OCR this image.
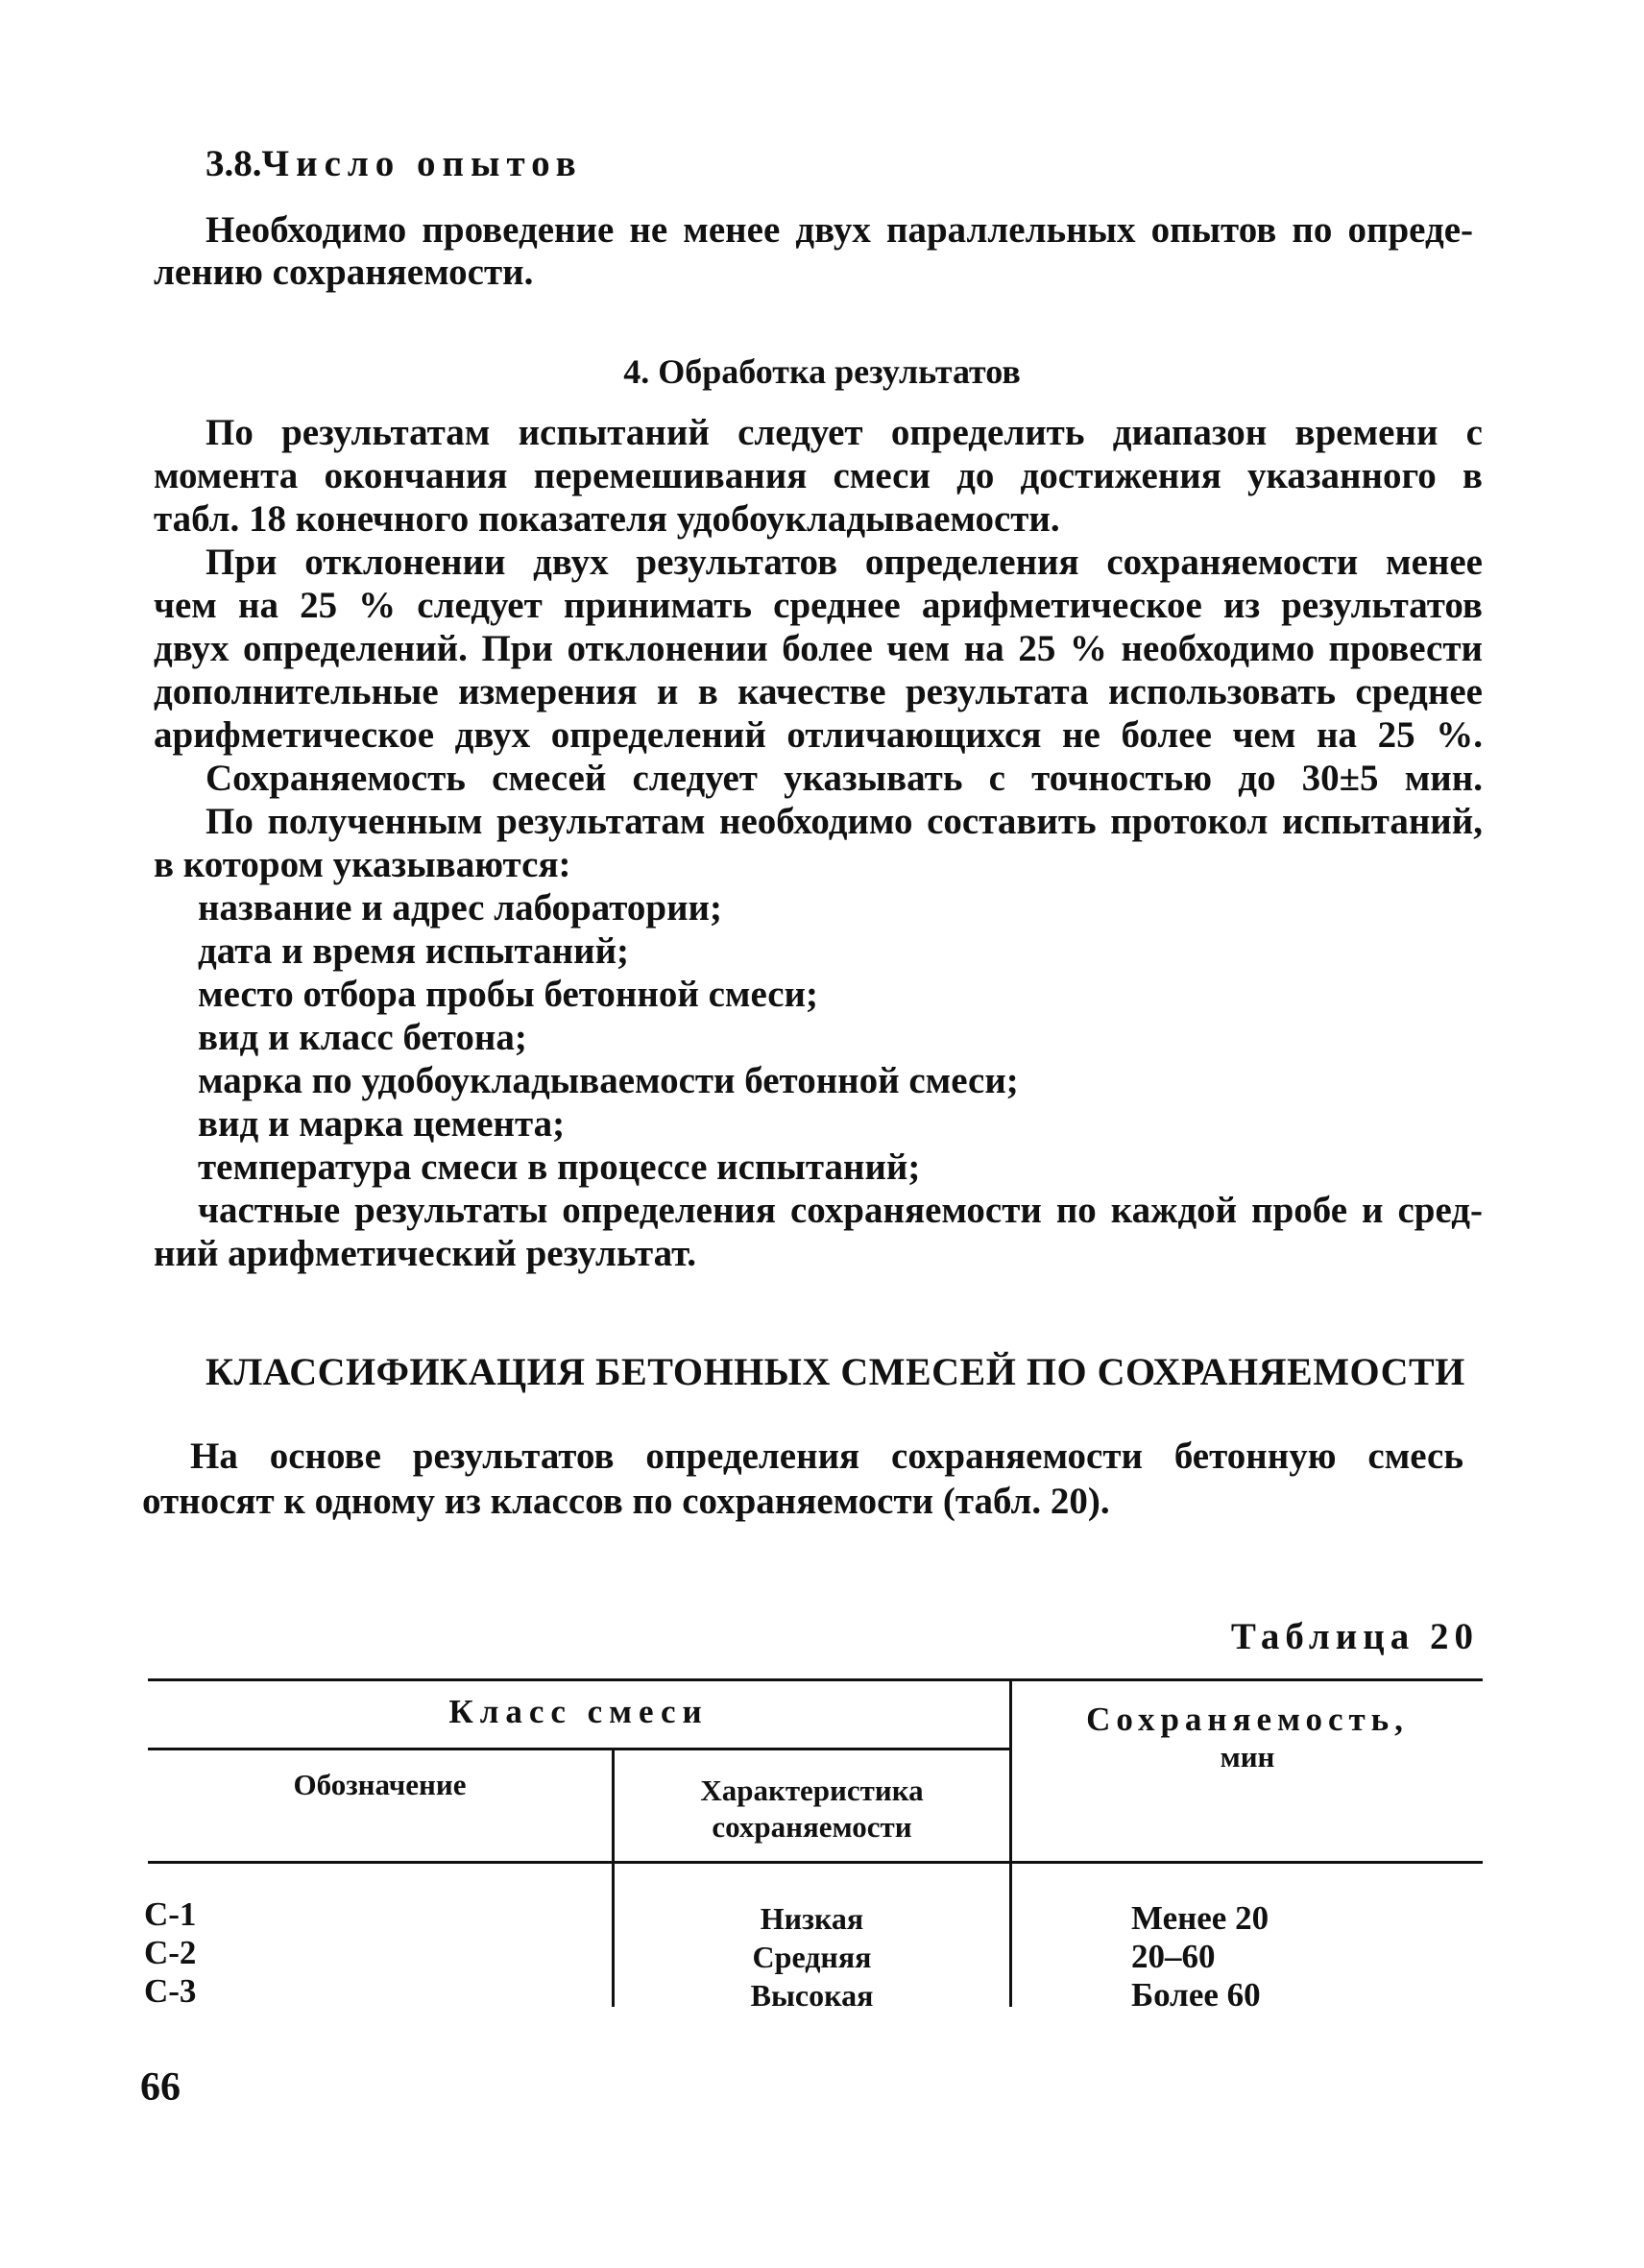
3.8.Число опытов
Необходимо проведение не менее двух параллельных опытов по опреде-
лению сохраняемости.
4. Обработка результатов
По результатам испытаний следует определить диапазон времени с
момента окончания перемешивания смеси до достижения указанного в
табл. 18 конечного показателя удобоукладываемости.
При отклонении двух результатов определения сохраняемости менее
чем на 25 % следует принимать среднее арифметическое из результатов
двух определений. При отклонении более чем на 25 % необходимо провести
дополнительные измерения и в качестве результата использовать среднее
арифметическое двух определений отличающихся не более чем на 25 %.
Сохраняемость смесей следует указывать с точностью до 30±5 мин.
По полученным результатам необходимо составить протокол испытаний,
в котором указываются:
название и адрес лаборатории;
дата и время испытаний;
место отбора пробы бетонной смеси;
вид и класс бетона;
марка по удобоукладываемости бетонной смеси;
вид и марка цемента;
температура смеси в процессе испытаний;
частные результаты определения сохраняемости по каждой пробе и сред-
ний арифметический результат.
КЛАССИФИКАЦИЯ БЕТОННЫХ СМЕСЕЙ ПО СОХРАНЯЕМОСТИ
На основе результатов определения сохраняемости бетонную смесь
относят к одному из классов по сохраняемости (табл. 20).
Таблица 20
Класс смеси
Обозначение	Характеристика
сохраняемости
Сохраняемость,
мин
С-1
С-2
С-3
Низкая
Средняя
Высокая
Менее 20
20–60
Более 60
66
